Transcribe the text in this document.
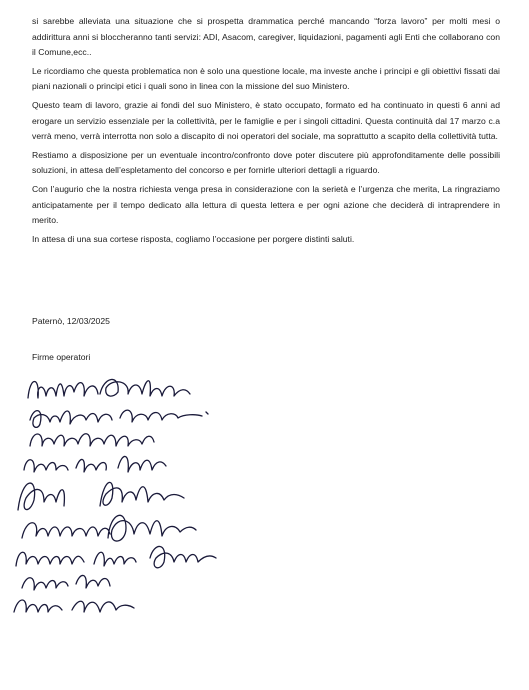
si sarebbe alleviata una situazione che si prospetta drammatica perché mancando “forza lavoro” per molti mesi o addirittura anni si bloccheranno tanti servizi: ADI, Asacom, caregiver, liquidazioni, pagamenti agli Enti che collaborano con il Comune,ecc..

Le ricordiamo che questa problematica non è solo una questione locale, ma investe anche i principi e gli obiettivi fissati dai piani nazionali o principi etici i quali sono in linea con la missione del suo Ministero.

Questo team di lavoro, grazie ai fondi del suo Ministero, è stato occupato, formato ed ha continuato in questi 6 anni ad erogare un servizio essenziale per la collettività, per le famiglie e per i singoli cittadini. Questa continuità dal 17 marzo c.a verrà meno, verrà interrotta non solo a discapito di noi operatori del sociale, ma soprattutto a scapito della collettività tutta.

Restiamo a disposizione per un eventuale incontro/confronto dove poter discutere più approfonditamente delle possibili soluzioni, in attesa dell’espletamento del concorso e per fornirle ulteriori dettagli a riguardo.

Con l’augurio che la nostra richiesta venga presa in considerazione con la serietà e l’urgenza che merita, La ringraziamo anticipatamente per il tempo dedicato alla lettura di questa lettera e per ogni azione che deciderà di intraprendere in merito.

In attesa di una sua cortese risposta, cogliamo l’occasione per porgere distinti saluti.

Paternò, 12/03/2025
Firme operatori
